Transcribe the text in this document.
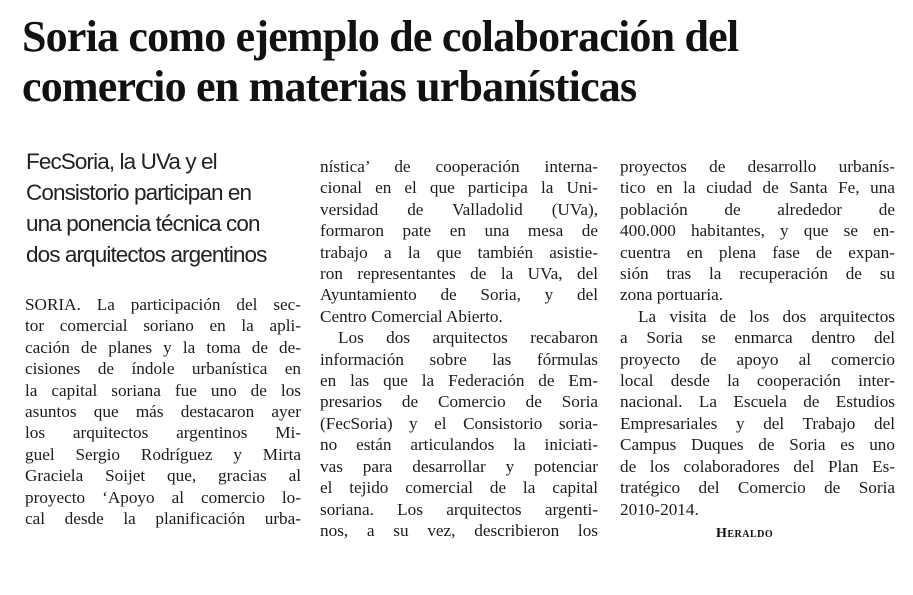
Soria como ejemplo de colaboración del
comercio en materias urbanísticas
FecSoria, la UVa y el
Consistorio participan en
una ponencia técnica con
dos arquitectos argentinos
SORIA. La participación del sec-
tor comercial soriano en la apli-
cación de planes y la toma de de-
cisiones de índole urbanística en
la capital soriana fue uno de los
asuntos que más destacaron ayer
los arquitectos argentinos Mi-
guel Sergio Rodríguez y Mirta
Graciela Soijet que, gracias al
proyecto ‘Apoyo al comercio lo-
cal desde la planificación urba-
nística’ de cooperación interna-
cional en el que participa la Uni-
versidad de Valladolid (UVa),
formaron pate en una mesa de
trabajo a la que también asistie-
ron representantes de la UVa, del
Ayuntamiento de Soria, y del
Centro Comercial Abierto.
Los dos arquitectos recabaron
información sobre las fórmulas
en las que la Federación de Em-
presarios de Comercio de Soria
(FecSoria) y el Consistorio soria-
no están articulandos la iniciati-
vas para desarrollar y potenciar
el tejido comercial de la capital
soriana. Los arquitectos argenti-
nos, a su vez, describieron los
proyectos de desarrollo urbanís-
tico en la ciudad de Santa Fe, una
población de alrededor de
400.000 habitantes, y que se en-
cuentra en plena fase de expan-
sión tras la recuperación de su
zona portuaria.
La visita de los dos arquitectos
a Soria se enmarca dentro del
proyecto de apoyo al comercio
local desde la cooperación inter-
nacional. La Escuela de Estudios
Empresariales y del Trabajo del
Campus Duques de Soria es uno
de los colaboradores del Plan Es-
tratégico del Comercio de Soria
2010-2014.
Heraldo
